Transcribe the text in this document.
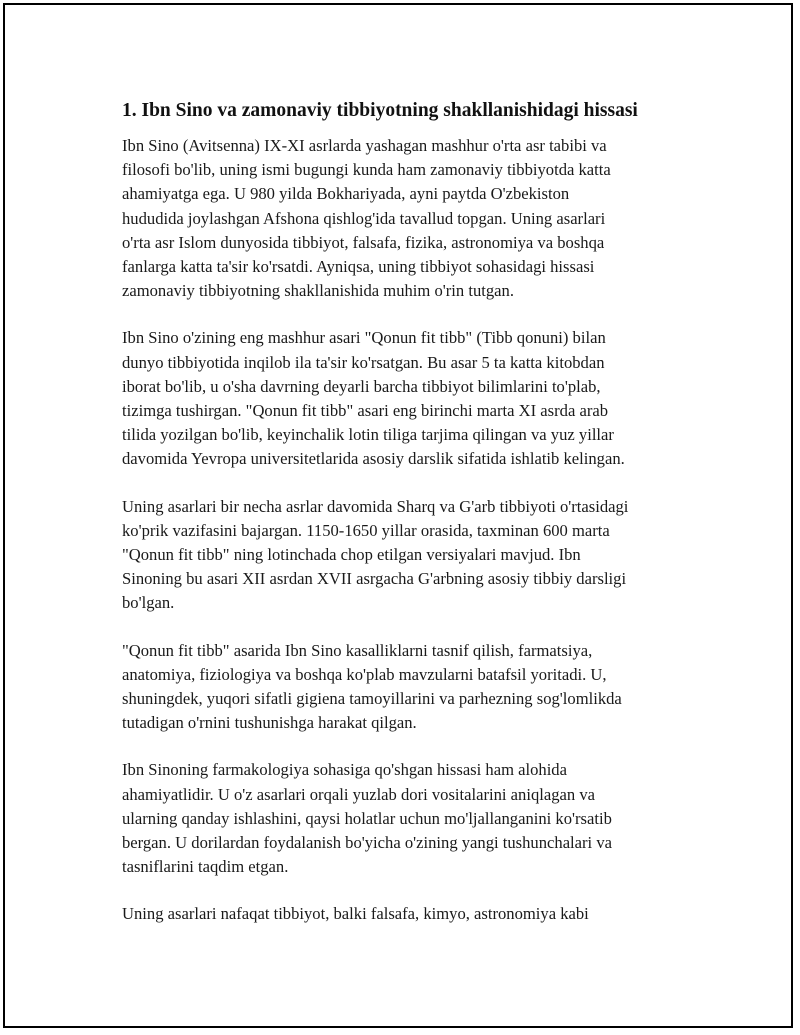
1. Ibn Sino va zamonaviy tibbiyotning shakllanishidagi hissasi

Ibn Sino (Avitsenna) IX-XI asrlarda yashagan mashhur o'rta asr tabibi va
filosofi bo'lib, uning ismi bugungi kunda ham zamonaviy tibbiyotda katta
ahamiyatga ega. U 980 yilda Bokhariyada, ayni paytda O'zbekiston
hududida joylashgan Afshona qishlog'ida tavallud topgan. Uning asarlari
o'rta asr Islom dunyosida tibbiyot, falsafa, fizika, astronomiya va boshqa
fanlarga katta ta'sir ko'rsatdi. Ayniqsa, uning tibbiyot sohasidagi hissasi
zamonaviy tibbiyotning shakllanishida muhim o'rin tutgan.

Ibn Sino o'zining eng mashhur asari "Qonun fit tibb" (Tibb qonuni) bilan
dunyo tibbiyotida inqilob ila ta'sir ko'rsatgan. Bu asar 5 ta katta kitobdan
iborat bo'lib, u o'sha davrning deyarli barcha tibbiyot bilimlarini to'plab,
tizimga tushirgan. "Qonun fit tibb" asari eng birinchi marta XI asrda arab
tilida yozilgan bo'lib, keyinchalik lotin tiliga tarjima qilingan va yuz yillar
davomida Yevropa universitetlarida asosiy darslik sifatida ishlatib kelingan.

Uning asarlari bir necha asrlar davomida Sharq va G'arb tibbiyoti o'rtasidagi
ko'prik vazifasini bajargan. 1150-1650 yillar orasida, taxminan 600 marta
"Qonun fit tibb" ning lotinchada chop etilgan versiyalari mavjud. Ibn
Sinoning bu asari XII asrdan XVII asrgacha G'arbning asosiy tibbiy darsligi
bo'lgan.

"Qonun fit tibb" asarida Ibn Sino kasalliklarni tasnif qilish, farmatsiya,
anatomiya, fiziologiya va boshqa ko'plab mavzularni batafsil yoritadi. U,
shuningdek, yuqori sifatli gigiena tamoyillarini va parhezning sog'lomlikda
tutadigan o'rnini tushunishga harakat qilgan.

Ibn Sinoning farmakologiya sohasiga qo'shgan hissasi ham alohida
ahamiyatlidir. U o'z asarlari orqali yuzlab dori vositalarini aniqlagan va
ularning qanday ishlashini, qaysi holatlar uchun mo'ljallanganini ko'rsatib
bergan. U dorilardan foydalanish bo'yicha o'zining yangi tushunchalari va
tasniflarini taqdim etgan.

Uning asarlari nafaqat tibbiyot, balki falsafa, kimyo, astronomiya kabi
